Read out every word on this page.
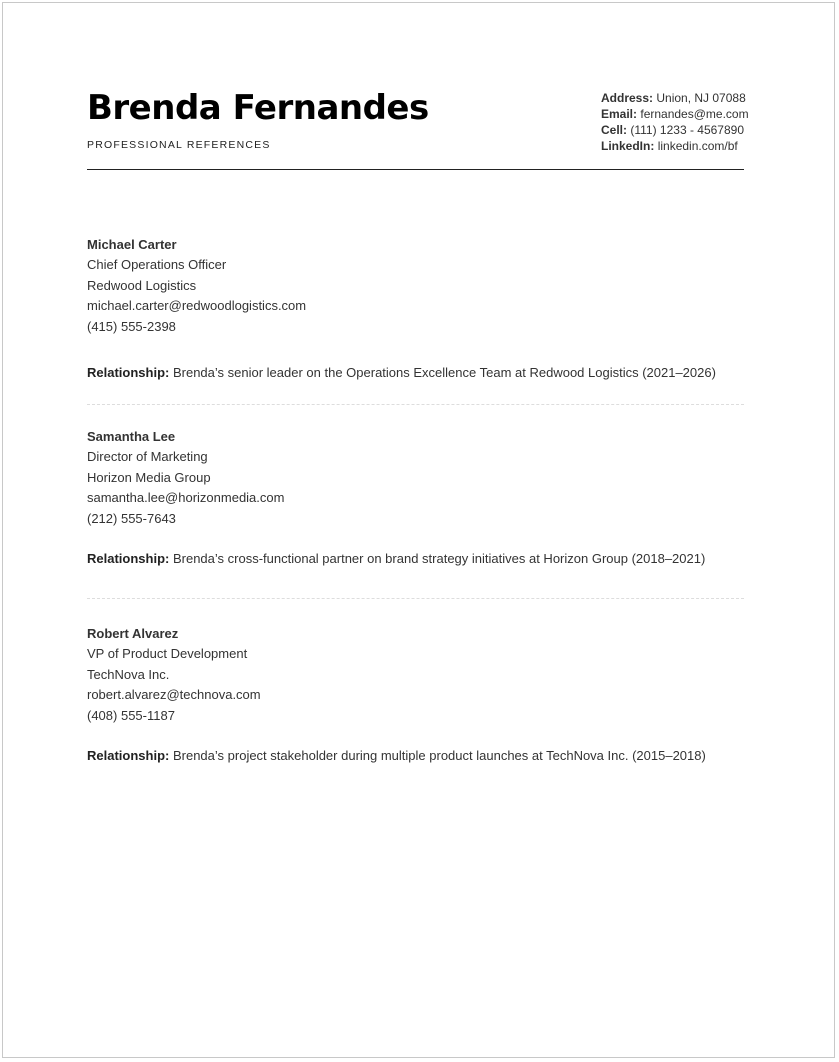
Brenda Fernandes
PROFESSIONAL REFERENCES
Address: Union, NJ 07088
Email: fernandes@me.com
Cell: (111) 1233 - 4567890
LinkedIn: linkedin.com/bf
Michael Carter
Chief Operations Officer
Redwood Logistics
michael.carter@redwoodlogistics.com
(415) 555-2398
Relationship: Brenda’s senior leader on the Operations Excellence Team at Redwood Logistics (2021–2026)
Samantha Lee
Director of Marketing
Horizon Media Group
samantha.lee@horizonmedia.com
(212) 555-7643
Relationship: Brenda’s cross-functional partner on brand strategy initiatives at Horizon Group (2018–2021)
Robert Alvarez
VP of Product Development
TechNova Inc.
robert.alvarez@technova.com
(408) 555-1187
Relationship: Brenda’s project stakeholder during multiple product launches at TechNova Inc. (2015–2018)
